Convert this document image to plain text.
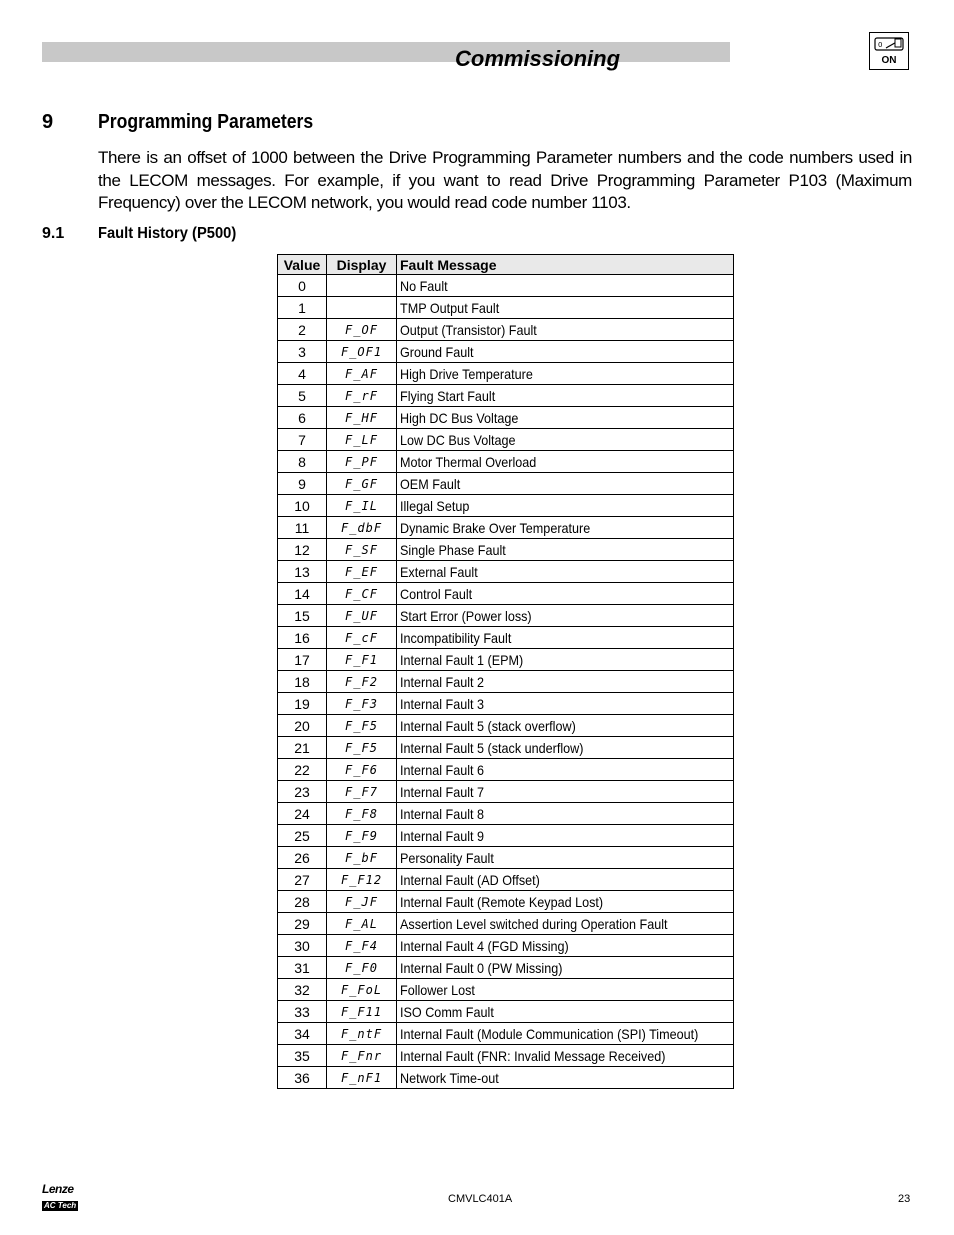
Commissioning
0
ON
9 Programming Parameters
There is an offset of 1000 between the Drive Programming Parameter numbers and the code numbers used in the LECOM messages. For example, if you want to read Drive Programming Parameter P103 (Maximum Frequency) over the LECOM network, you would read code number 1103.
9.1 Fault History (P500)
Value	Display	Fault Message
0		No Fault
1		TMP Output Fault
2	F_OF	Output (Transistor) Fault
3	F_OF1	Ground Fault
4	F_AF	High Drive Temperature
5	F_rF	Flying Start Fault
6	F_HF	High DC Bus Voltage
7	F_LF	Low DC Bus Voltage
8	F_PF	Motor Thermal Overload
9	F_GF	OEM Fault
10	F_IL	Illegal Setup
11	F_dbF	Dynamic Brake Over Temperature
12	F_SF	Single Phase Fault
13	F_EF	External Fault
14	F_CF	Control Fault
15	F_UF	Start Error (Power loss)
16	F_cF	Incompatibility Fault
17	F_F1	Internal Fault 1 (EPM)
18	F_F2	Internal Fault 2
19	F_F3	Internal Fault 3
20	F_F5	Internal Fault 5 (stack overflow)
21	F_F5	Internal Fault 5 (stack underflow)
22	F_F6	Internal Fault 6
23	F_F7	Internal Fault 7
24	F_F8	Internal Fault 8
25	F_F9	Internal Fault 9
26	F_bF	Personality Fault
27	F_F12	Internal Fault (AD Offset)
28	F_JF	Internal Fault (Remote Keypad Lost)
29	F_AL	Assertion Level switched during Operation Fault
30	F_F4	Internal Fault 4 (FGD Missing)
31	F_F0	Internal Fault 0 (PW Missing)
32	F_FoL	Follower Lost
33	F_F11	ISO Comm Fault
34	F_ntF	Internal Fault (Module Communication (SPI) Timeout)
35	F_Fnr	Internal Fault (FNR: Invalid Message Received)
36	F_nF1	Network Time-out
Lenze
AC Tech
CMVLC401A	23
